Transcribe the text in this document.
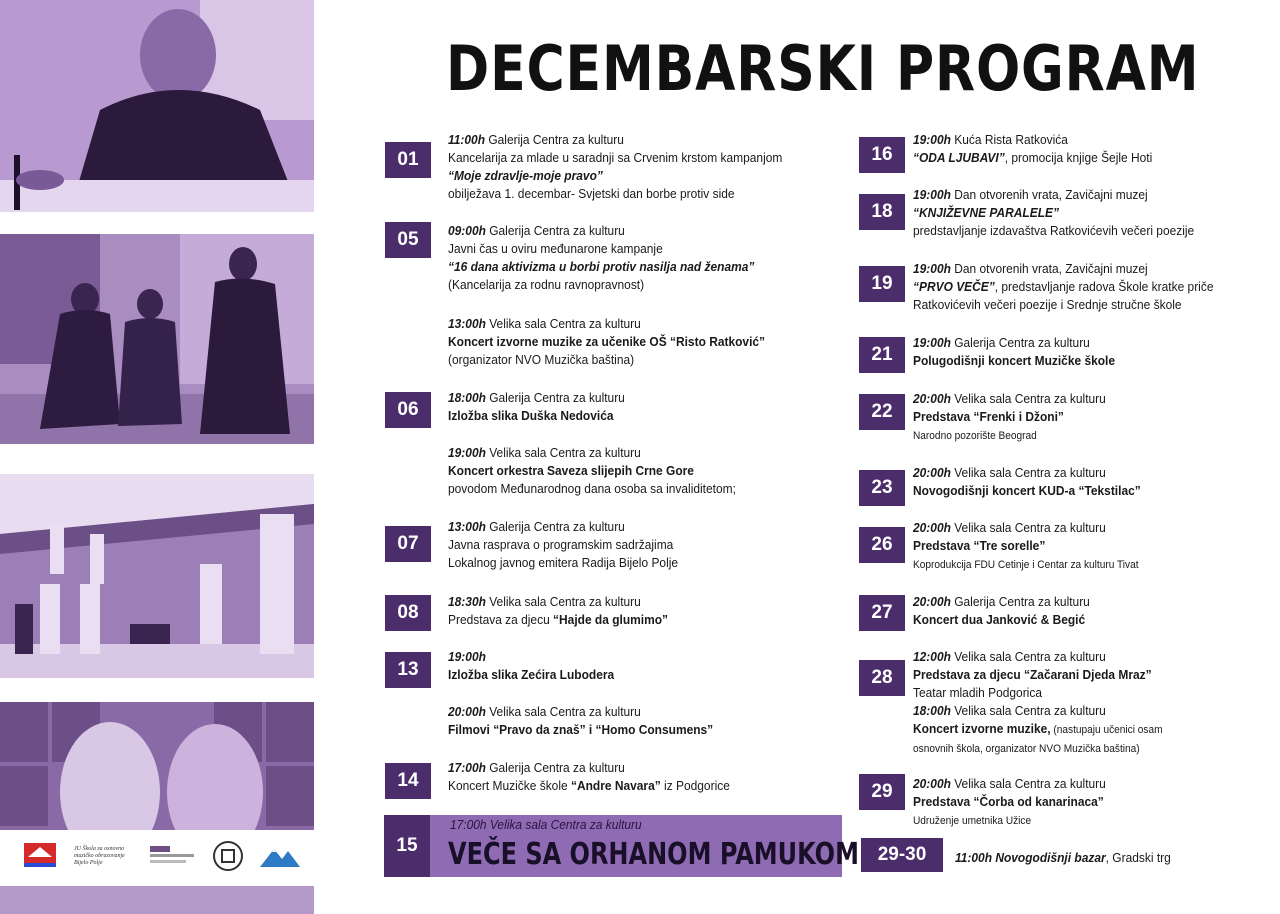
JU Škola za osnovno muzičko obrazovanje Bijelo Polje
DECEMBARSKI PROGRAM
15
17:00h Velika sala Centra za kulturu
VEČE SA ORHANOM PAMUKOM
01
11:00h Galerija Centra za kulturu
Kancelarija za mlade u saradnji sa Crvenim krstom kampanjom
“Moje zdravlje-moje pravo”
obilježava 1. decembar- Svjetski dan borbe protiv side
05	09:00h Galerija Centra za kulturu
Javni čas u oviru međunarone kampanje
“16 dana aktivizma u borbi protiv nasilja nad ženama”
(Kancelarija za rodnu ravnopravnost)
13:00h Velika sala Centra za kulturu
Koncert izvorne muzike za učenike OŠ “Risto Ratković”
(organizator NVO Muzička baština)
06
18:00h Galerija Centra za kulturu
Izložba slika Duška Nedovića
19:00h Velika sala Centra za kulturu
Koncert orkestra Saveza slijepih Crne Gore
povodom Međunarodnog dana osoba sa invaliditetom;
07
13:00h Galerija Centra za kulturu
Javna rasprava o programskim sadržajima
Lokalnog javnog emitera Radija Bijelo Polje
08
18:30h Velika sala Centra za kulturu
Predstava za djecu “Hajde da glumimo”
13
19:00h
Izložba slika Zećira Lubodera
20:00h Velika sala Centra za kulturu
Filmovi “Pravo da znaš” i “Homo Consumens”
14
17:00h Galerija Centra za kulturu
Koncert Muzičke škole “Andre Navara” iz Podgorice
16
19:00h Kuća Rista Ratkovića
“ODA LJUBAVI”, promocija knjige Šejle Hoti
18
19:00h Dan otvorenih vrata, Zavičajni muzej
“KNJIŽEVNE PARALELE”
predstavljanje izdavaštva Ratkovićevih večeri poezije
19
19:00h Dan otvorenih vrata, Zavičajni muzej
“PRVO VEČE”, predstavljanje radova Škole kratke priče
Ratkovićevih večeri poezije i Srednje stručne škole
21
19:00h Galerija Centra za kulturu
Polugodišnji koncert Muzičke škole
22
20:00h Velika sala Centra za kulturu
Predstava “Frenki i Džoni”
Narodno pozorište Beograd
23
20:00h Velika sala Centra za kulturu
Novogodišnji koncert KUD-a “Tekstilac”
26
20:00h Velika sala Centra za kulturu
Predstava “Tre sorelle”
Koprodukcija FDU Cetinje i Centar za kulturu Tivat
27
20:00h Galerija Centra za kulturu
Koncert dua Janković & Begić
28
12:00h Velika sala Centra za kulturu
Predstava za djecu “Začarani Djeda Mraz”
Teatar mladih Podgorica
18:00h Velika sala Centra za kulturu
Koncert izvorne muzike, (nastupaju učenici osam
osnovnih škola, organizator NVO Muzička baština)
29	20:00h Velika sala Centra za kulturu
Predstava “Čorba od kanarinaca”
Udruženje umetnika Užice
29-30	11:00h Novogodišnji bazar, Gradski trg
